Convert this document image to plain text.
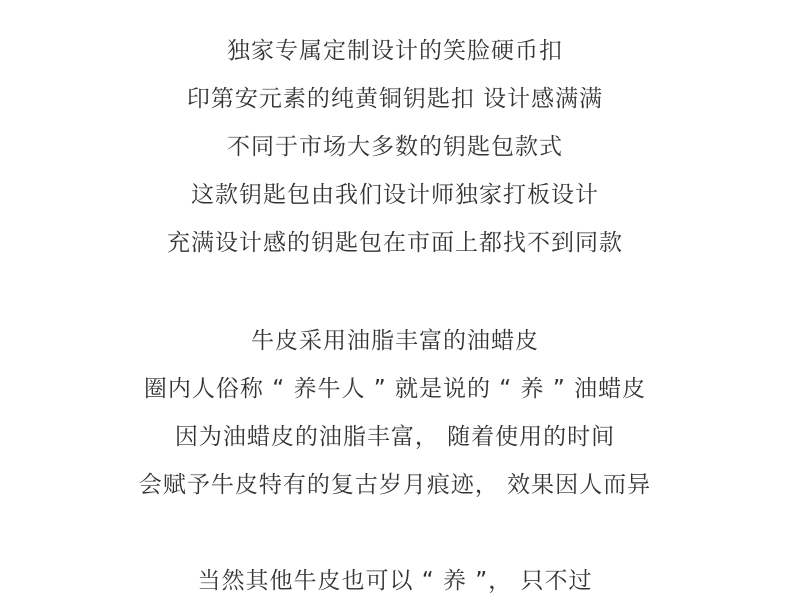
独家专属定制设计的笑脸硬币扣
印第安元素的纯黄铜钥匙扣 设计感满满
不同于市场大多数的钥匙包款式
这款钥匙包由我们设计师独家打板设计
充满设计感的钥匙包在市面上都找不到同款
牛皮采用油脂丰富的油蜡皮
圈内人俗称 “ 养牛人 ” 就是说的 “ 养 ” 油蜡皮
因为油蜡皮的油脂丰富， 随着使用的时间
会赋予牛皮特有的复古岁月痕迹， 效果因人而异
当然其他牛皮也可以 “ 养 ”， 只不过
